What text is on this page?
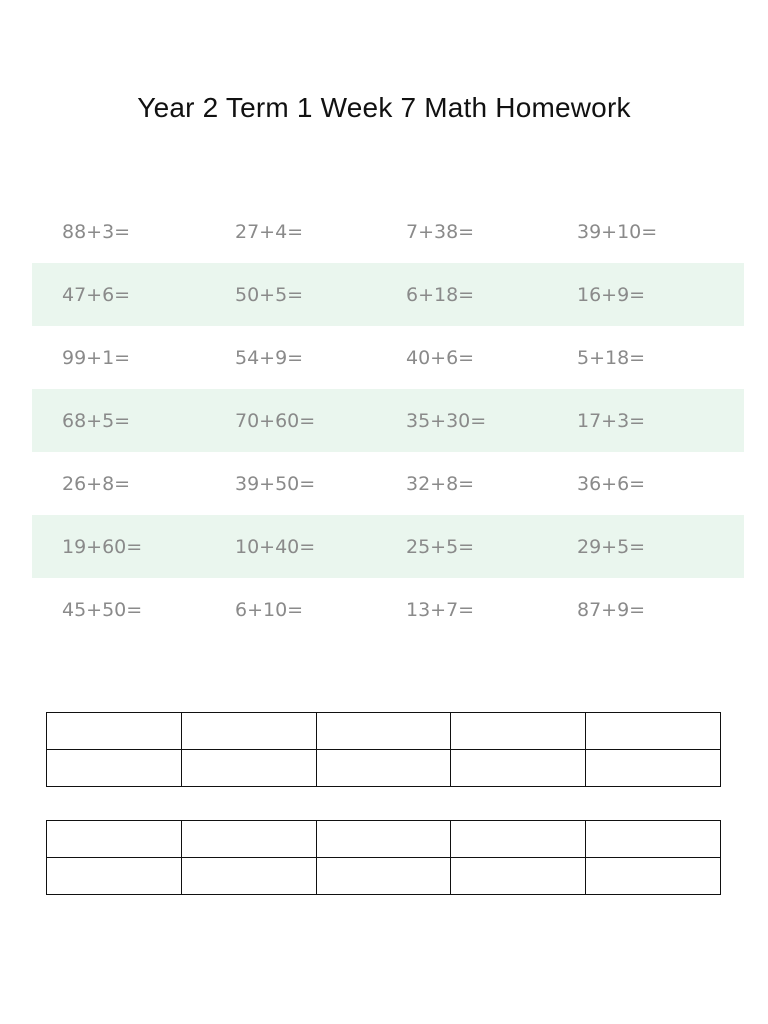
Year 2 Term 1 Week 7 Math Homework
88+3=	27+4=	7+38=	39+10=
47+6=	50+5=	6+18=	16+9=
99+1=	54+9=	40+6=	5+18=
68+5=	70+60=	35+30=	17+3=
26+8=	39+50=	32+8=	36+6=
19+60=	10+40=	25+5=	29+5=
45+50=	6+10=	13+7=	87+9=
